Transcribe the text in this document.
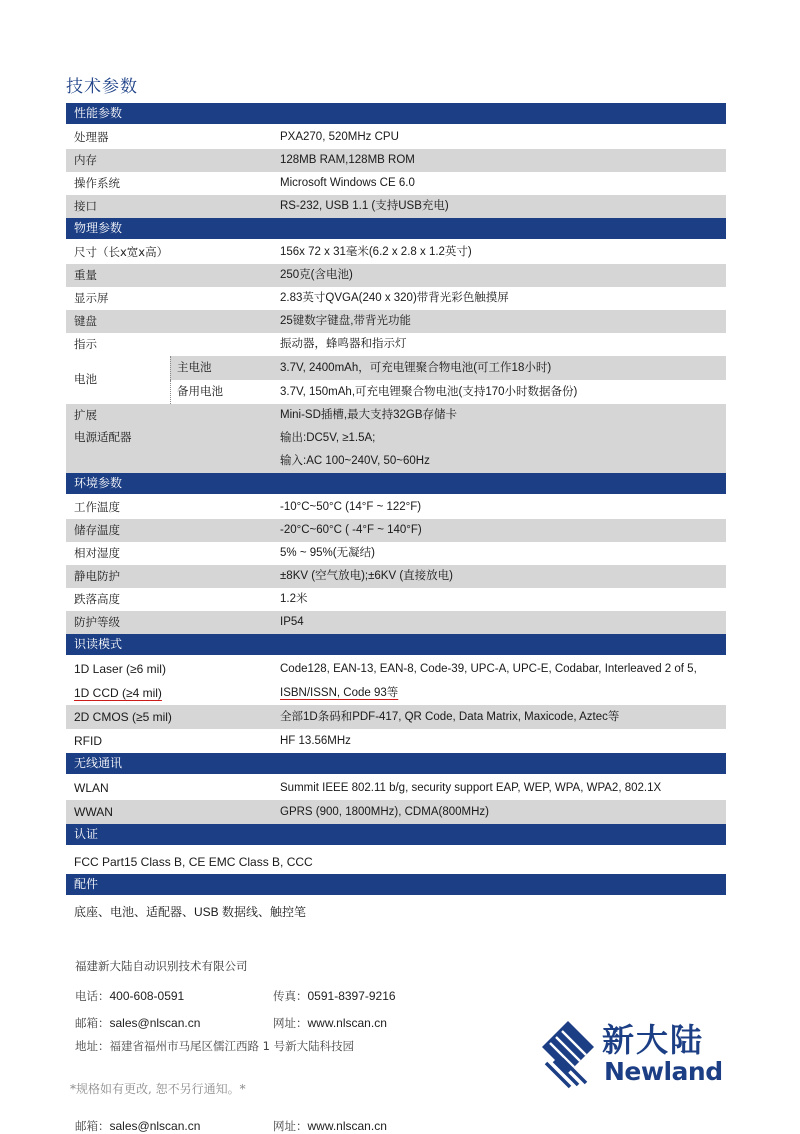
技术参数
性能参数
处理器	PXA270, 520MHz CPU
内存	128MB RAM,128MB ROM
操作系统	Microsoft Windows CE 6.0
接口	RS-232, USB 1.1 (支持USB充电)
物理参数
尺寸（长x宽x高）	156x 72 x 31毫米(6.2 x 2.8 x 1.2英寸)
重量	250克(含电池)
显示屏	2.83英寸QVGA(240 x 320)带背光彩色触摸屏
键盘	25键数字键盘,带背光功能
指示	振动器，蜂鸣器和指示灯
电池
主电池	3.7V, 2400mAh，可充电锂聚合物电池(可工作18小时)
备用电池	3.7V, 150mAh,可充电锂聚合物电池(支持170小时数据备份)
扩展	Mini-SD插槽,最大支持32GB存储卡
电源适配器	输出:DC5V, ≥1.5A;
输入:AC 100~240V, 50~60Hz
环境参数
工作温度	-10°C~50°C (14°F ~ 122°F)
储存温度	-20°C~60°C ( -4°F ~ 140°F)
相对湿度	5% ~ 95%(无凝结)
静电防护	±8KV (空气放电);±6KV (直接放电)
跌落高度	1.2米
防护等级	IP54
识读模式
1D Laser (≥6 mil)	Code128, EAN-13, EAN-8, Code-39, UPC-A, UPC-E, Codabar, Interleaved 2 of 5,
1D CCD (≥4 mil)	ISBN/ISSN, Code 93等
2D CMOS (≥5 mil)	全部1D条码和PDF-417, QR Code, Data Matrix, Maxicode, Aztec等
RFID	HF 13.56MHz
无线通讯
WLAN	Summit IEEE 802.11 b/g, security support EAP, WEP, WPA, WPA2, 802.1X
WWAN	GPRS (900, 1800MHz), CDMA(800MHz)
认证
FCC Part15 Class B, CE EMC Class B, CCC
配件
底座、电池、适配器、USB 数据线、触控笔
福建新大陆自动识别技术有限公司
电话：400-608-0591	传真：0591-8397-9216
邮箱：sales@nlscan.cn	网址：www.nlscan.cn
地址：福建省福州市马尾区儒江西路 1 号新大陆科技园
*规格如有更改, 恕不另行通知。*
新大陆
Newland
邮箱：sales@nlscan.cn	网址：www.nlscan.cn
